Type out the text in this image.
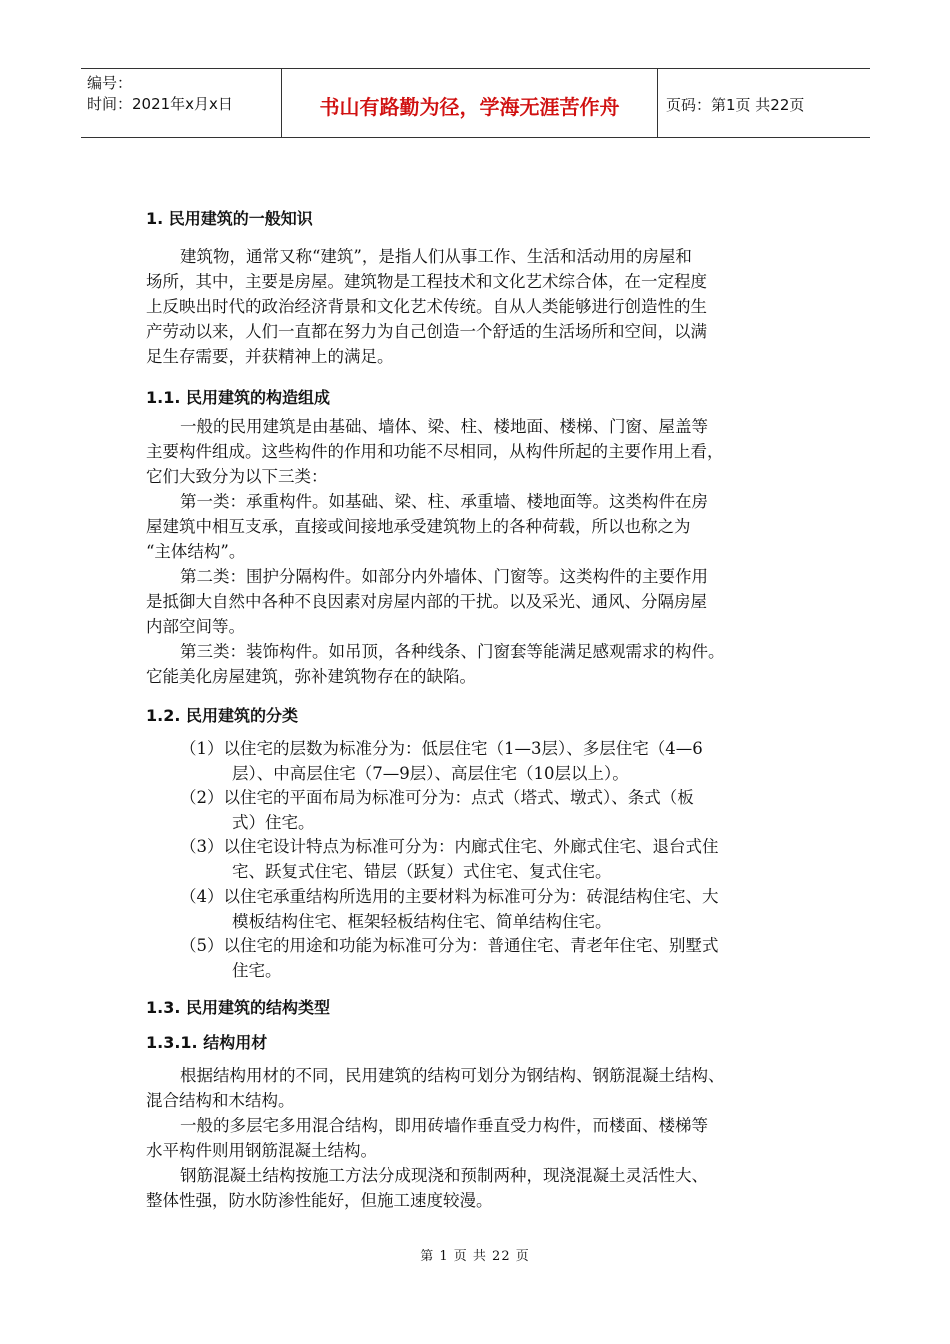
编号：
时间：2021年x月x日	书山有路勤为径，学海无涯苦作舟	页码：第1页 共22页
1. 民用建筑的一般知识
建筑物，通常又称“建筑”，是指人们从事工作、生活和活动用的房屋和
场所，其中，主要是房屋。建筑物是工程技术和文化艺术综合体，在一定程度
上反映出时代的政治经济背景和文化艺术传统。自从人类能够进行创造性的生
产劳动以来，人们一直都在努力为自己创造一个舒适的生活场所和空间，以满
足生存需要，并获精神上的满足。
1.1. 民用建筑的构造组成
一般的民用建筑是由基础、墙体、梁、柱、楼地面、楼梯、门窗、屋盖等
主要构件组成。这些构件的作用和功能不尽相同，从构件所起的主要作用上看，
它们大致分为以下三类：
第一类：承重构件。如基础、梁、柱、承重墙、楼地面等。这类构件在房
屋建筑中相互支承，直接或间接地承受建筑物上的各种荷载，所以也称之为
“主体结构”。
第二类：围护分隔构件。如部分内外墙体、门窗等。这类构件的主要作用
是抵御大自然中各种不良因素对房屋内部的干扰。以及采光、通风、分隔房屋
内部空间等。
第三类：装饰构件。如吊顶，各种线条、门窗套等能满足感观需求的构件。
它能美化房屋建筑，弥补建筑物存在的缺陷。
1.2. 民用建筑的分类
（1）以住宅的层数为标准分为：低层住宅（1—3层）、多层住宅（4—6
层）、中高层住宅（7—9层）、高层住宅（10层以上）。
（2）以住宅的平面布局为标准可分为：点式（塔式、墩式）、条式（板
式）住宅。
（3）以住宅设计特点为标准可分为：内廊式住宅、外廊式住宅、退台式住
宅、跃复式住宅、错层（跃复）式住宅、复式住宅。
（4）以住宅承重结构所选用的主要材料为标准可分为：砖混结构住宅、大
模板结构住宅、框架轻板结构住宅、简单结构住宅。
（5）以住宅的用途和功能为标准可分为：普通住宅、青老年住宅、别墅式
住宅。
1.3. 民用建筑的结构类型
1.3.1. 结构用材
根据结构用材的不同，民用建筑的结构可划分为钢结构、钢筋混凝土结构、
混合结构和木结构。
一般的多层宅多用混合结构，即用砖墙作垂直受力构件，而楼面、楼梯等
水平构件则用钢筋混凝土结构。
钢筋混凝土结构按施工方法分成现浇和预制两种，现浇混凝土灵活性大、
整体性强，防水防渗性能好，但施工速度较漫。
第 1 页 共 22 页
